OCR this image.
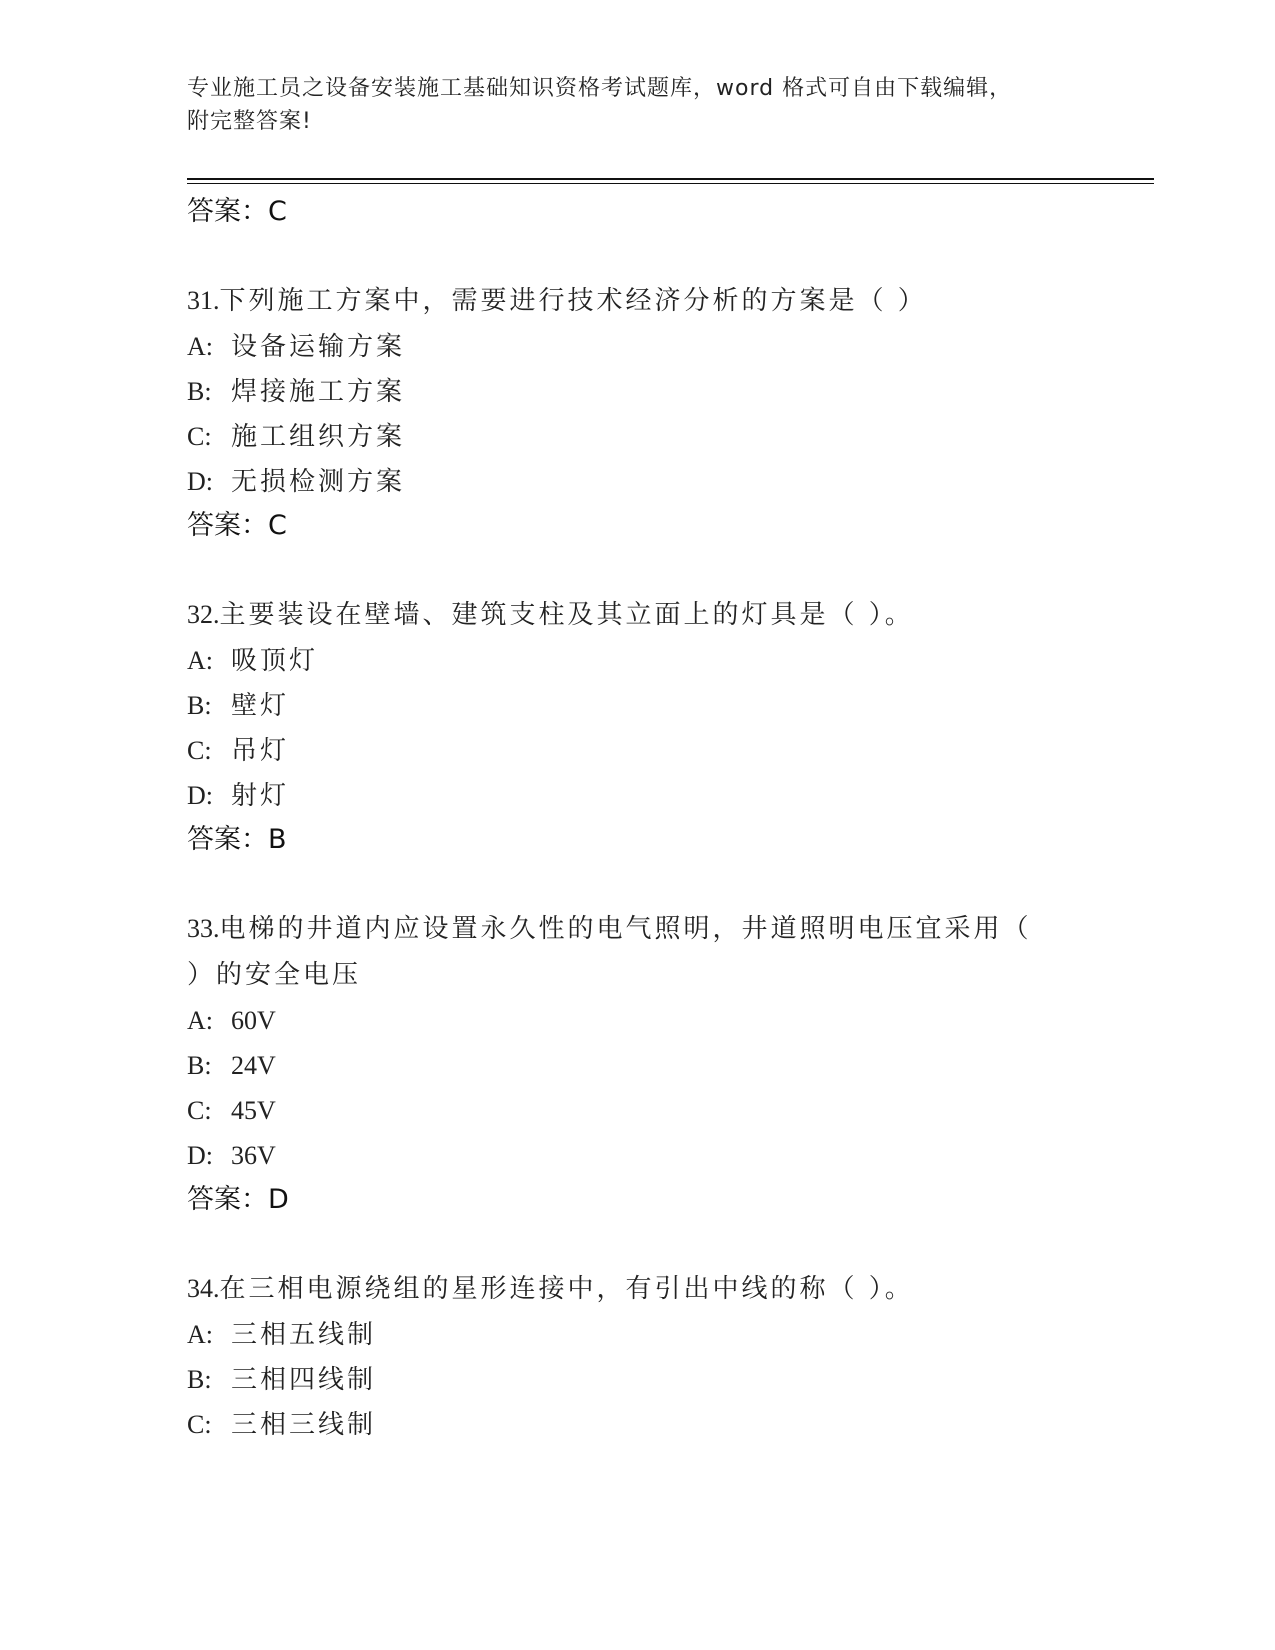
专业施工员之设备安装施工基础知识资格考试题库，word 格式可自由下载编辑，
附完整答案!
答案：C
31.下列施工方案中，需要进行技术经济分析的方案是（ ）
A: 设备运输方案
B: 焊接施工方案
C: 施工组织方案
D: 无损检测方案
答案：C
32.主要装设在壁墙、建筑支柱及其立面上的灯具是（ ）。
A: 吸顶灯
B: 壁灯
C: 吊灯
D: 射灯
答案：B
33.电梯的井道内应设置永久性的电气照明，井道照明电压宜采用（ ）的安全电压
A: 60V
B: 24V
C: 45V
D: 36V
答案：D
34.在三相电源绕组的星形连接中，有引出中线的称（ ）。
A: 三相五线制
B: 三相四线制
C: 三相三线制
